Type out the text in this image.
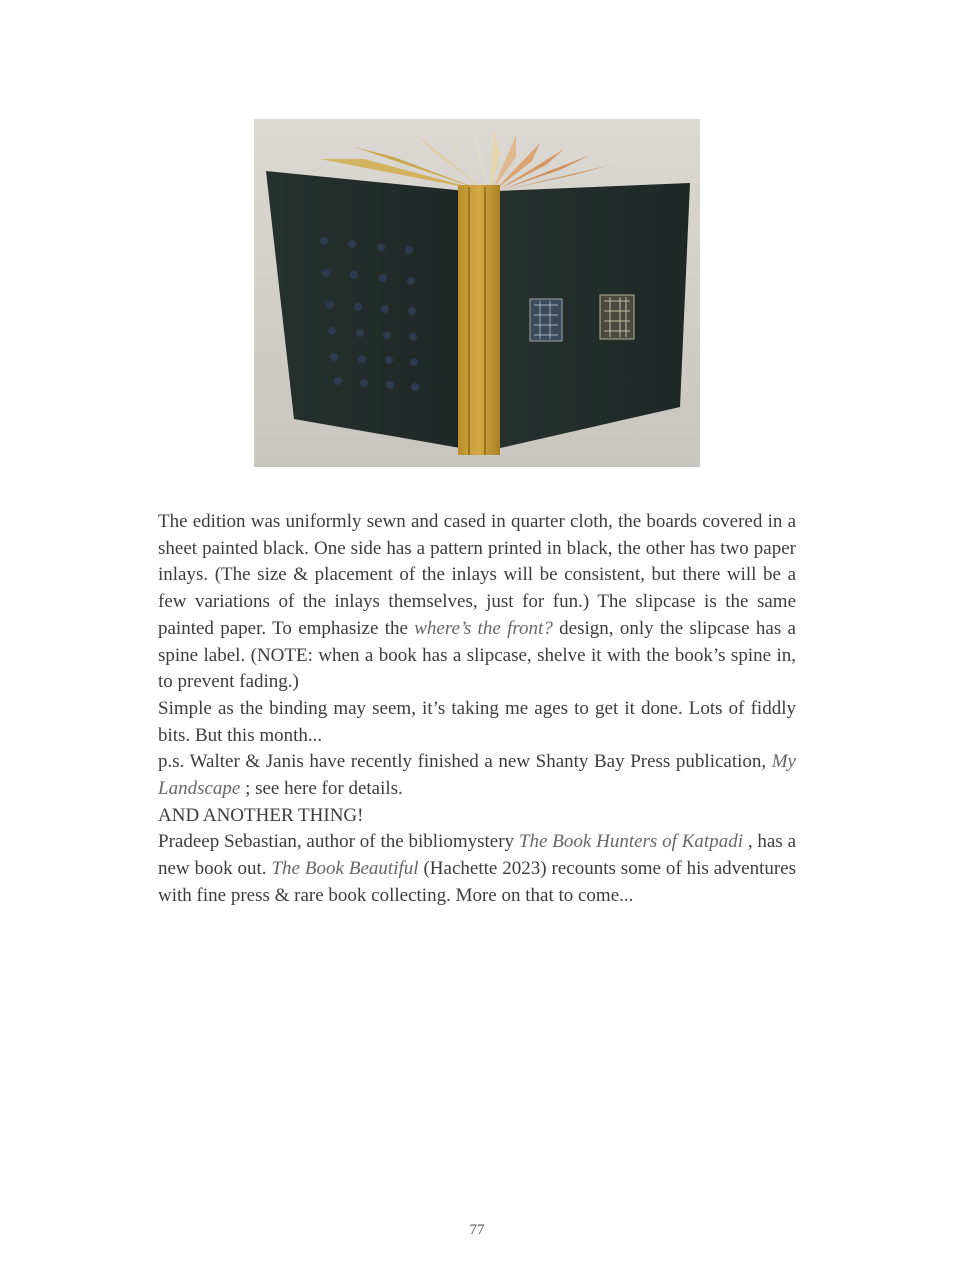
The edition was uniformly sewn and cased in quarter cloth, the boards covered in a sheet painted black. One side has a pattern printed in black, the other has two paper inlays. (The size & placement of the inlays will be consistent, but there will be a few variations of the inlays themselves, just for fun.) The slipcase is the same painted paper. To emphasize the where’s the front? design, only the slipcase has a spine label. (NOTE: when a book has a slipcase, shelve it with the book’s spine in, to prevent fading.)

Simple as the binding may seem, it’s taking me ages to get it done. Lots of fiddly bits. But this month...

p.s. Walter & Janis have recently finished a new Shanty Bay Press publication, My Landscape ; see here for details.

AND ANOTHER THING!

Pradeep Sebastian, author of the bibliomystery The Book Hunters of Katpadi , has a new book out. The Book Beautiful (Hachette 2023) recounts some of his adventures with fine press & rare book collecting. More on that to come...

77
